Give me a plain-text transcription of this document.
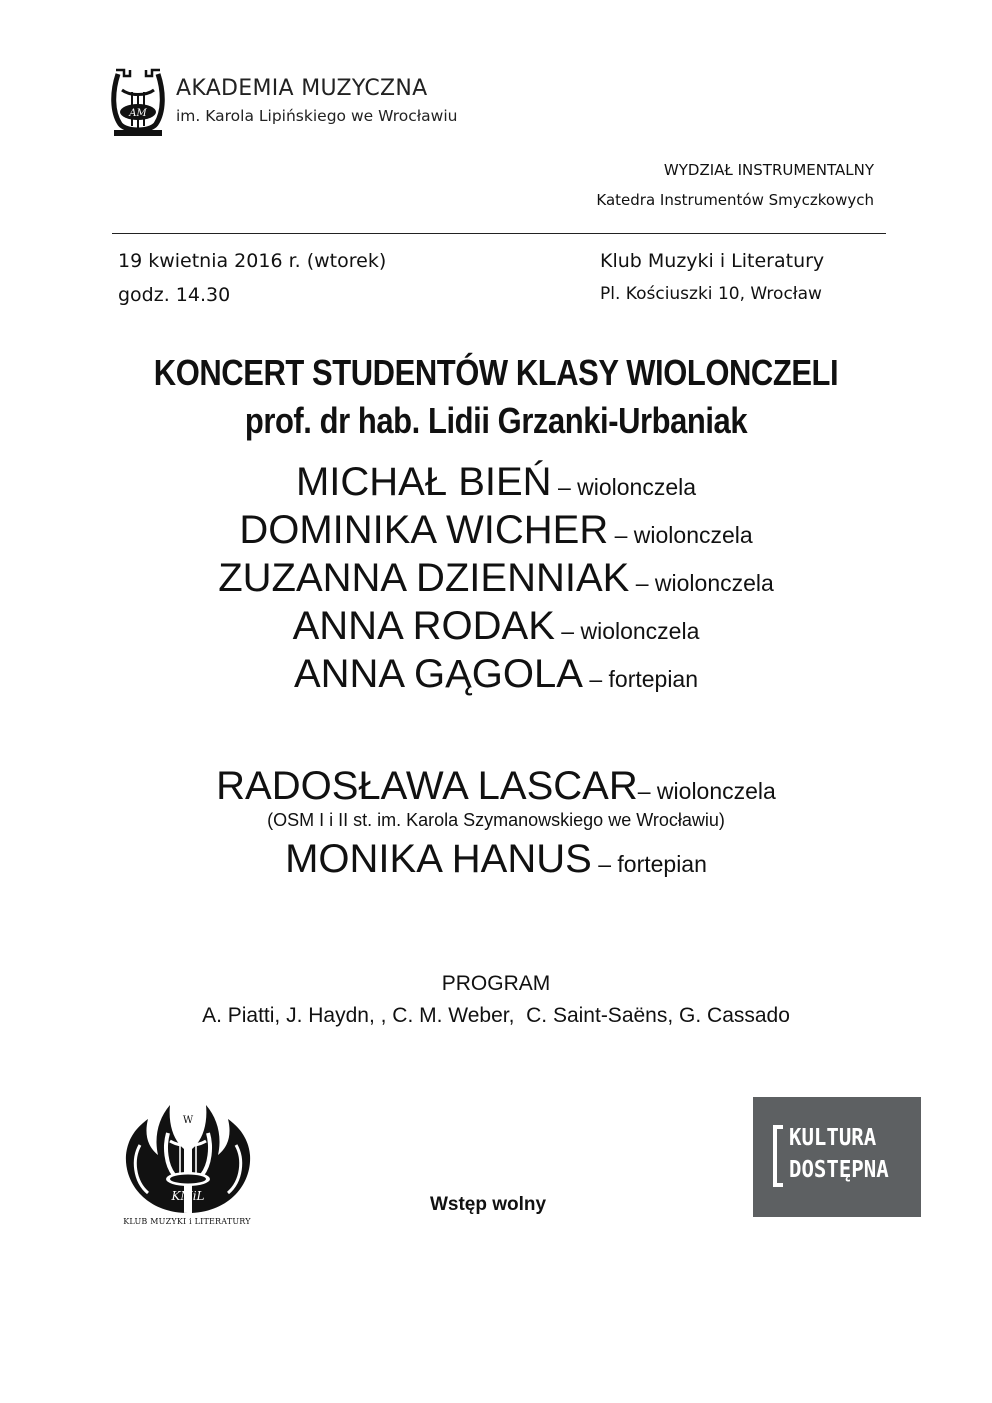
AM
AKADEMIA MUZYCZNA
im. Karola Lipińskiego we Wrocławiu
WYDZIAŁ INSTRUMENTALNY
Katedra Instrumentów Smyczkowych
19 kwietnia 2016 r. (wtorek)
godz. 14.30
Klub Muzyki i Literatury
Pl. Kościuszki 10, Wrocław
KONCERT STUDENTÓW KLASY WIOLONCZELI
prof. dr hab. Lidii Grzanki-Urbaniak
MICHAŁ BIEŃ – wiolonczela
DOMINIKA WICHER – wiolonczela
ZUZANNA DZIENNIAK – wiolonczela
ANNA RODAK – wiolonczela
ANNA GĄGOLA – fortepian
RADOSŁAWA LASCAR– wiolonczela
(OSM I i II st. im. Karola Szymanowskiego we Wrocławiu)
MONIKA HANUS – fortepian
PROGRAM
A. Piatti, J. Haydn, , C. M. Weber,  C. Saint-Saëns, G. Cassado
W
KMiL
KLUB MUZYKI i LITERATURY
Wstęp wolny
KULTURA
DOSTĘPNA
